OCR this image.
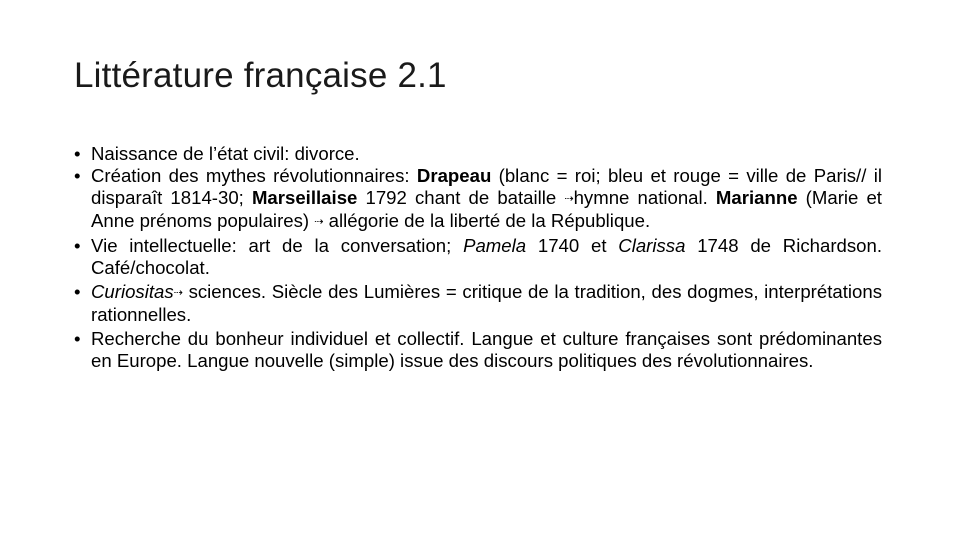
Littérature française 2.1
• Naissance de l’état civil: divorce.
• Création des mythes révolutionnaires: Drapeau (blanc = roi; bleu et rouge = ville de Paris// il disparaît 1814-30; Marseillaise 1792 chant de bataille ⇢hymne national. Marianne (Marie et Anne prénoms populaires) ⇢ allégorie de la liberté de la République.
• Vie intellectuelle: art de la conversation; Pamela 1740 et Clarissa 1748 de Richardson. Café/chocolat.
• Curiositas⇢ sciences. Siècle des Lumières = critique de la tradition, des dogmes, interprétations rationnelles.
• Recherche du bonheur individuel et collectif. Langue et culture françaises sont prédominantes en Europe. Langue nouvelle (simple) issue des discours politiques des révolutionnaires.
